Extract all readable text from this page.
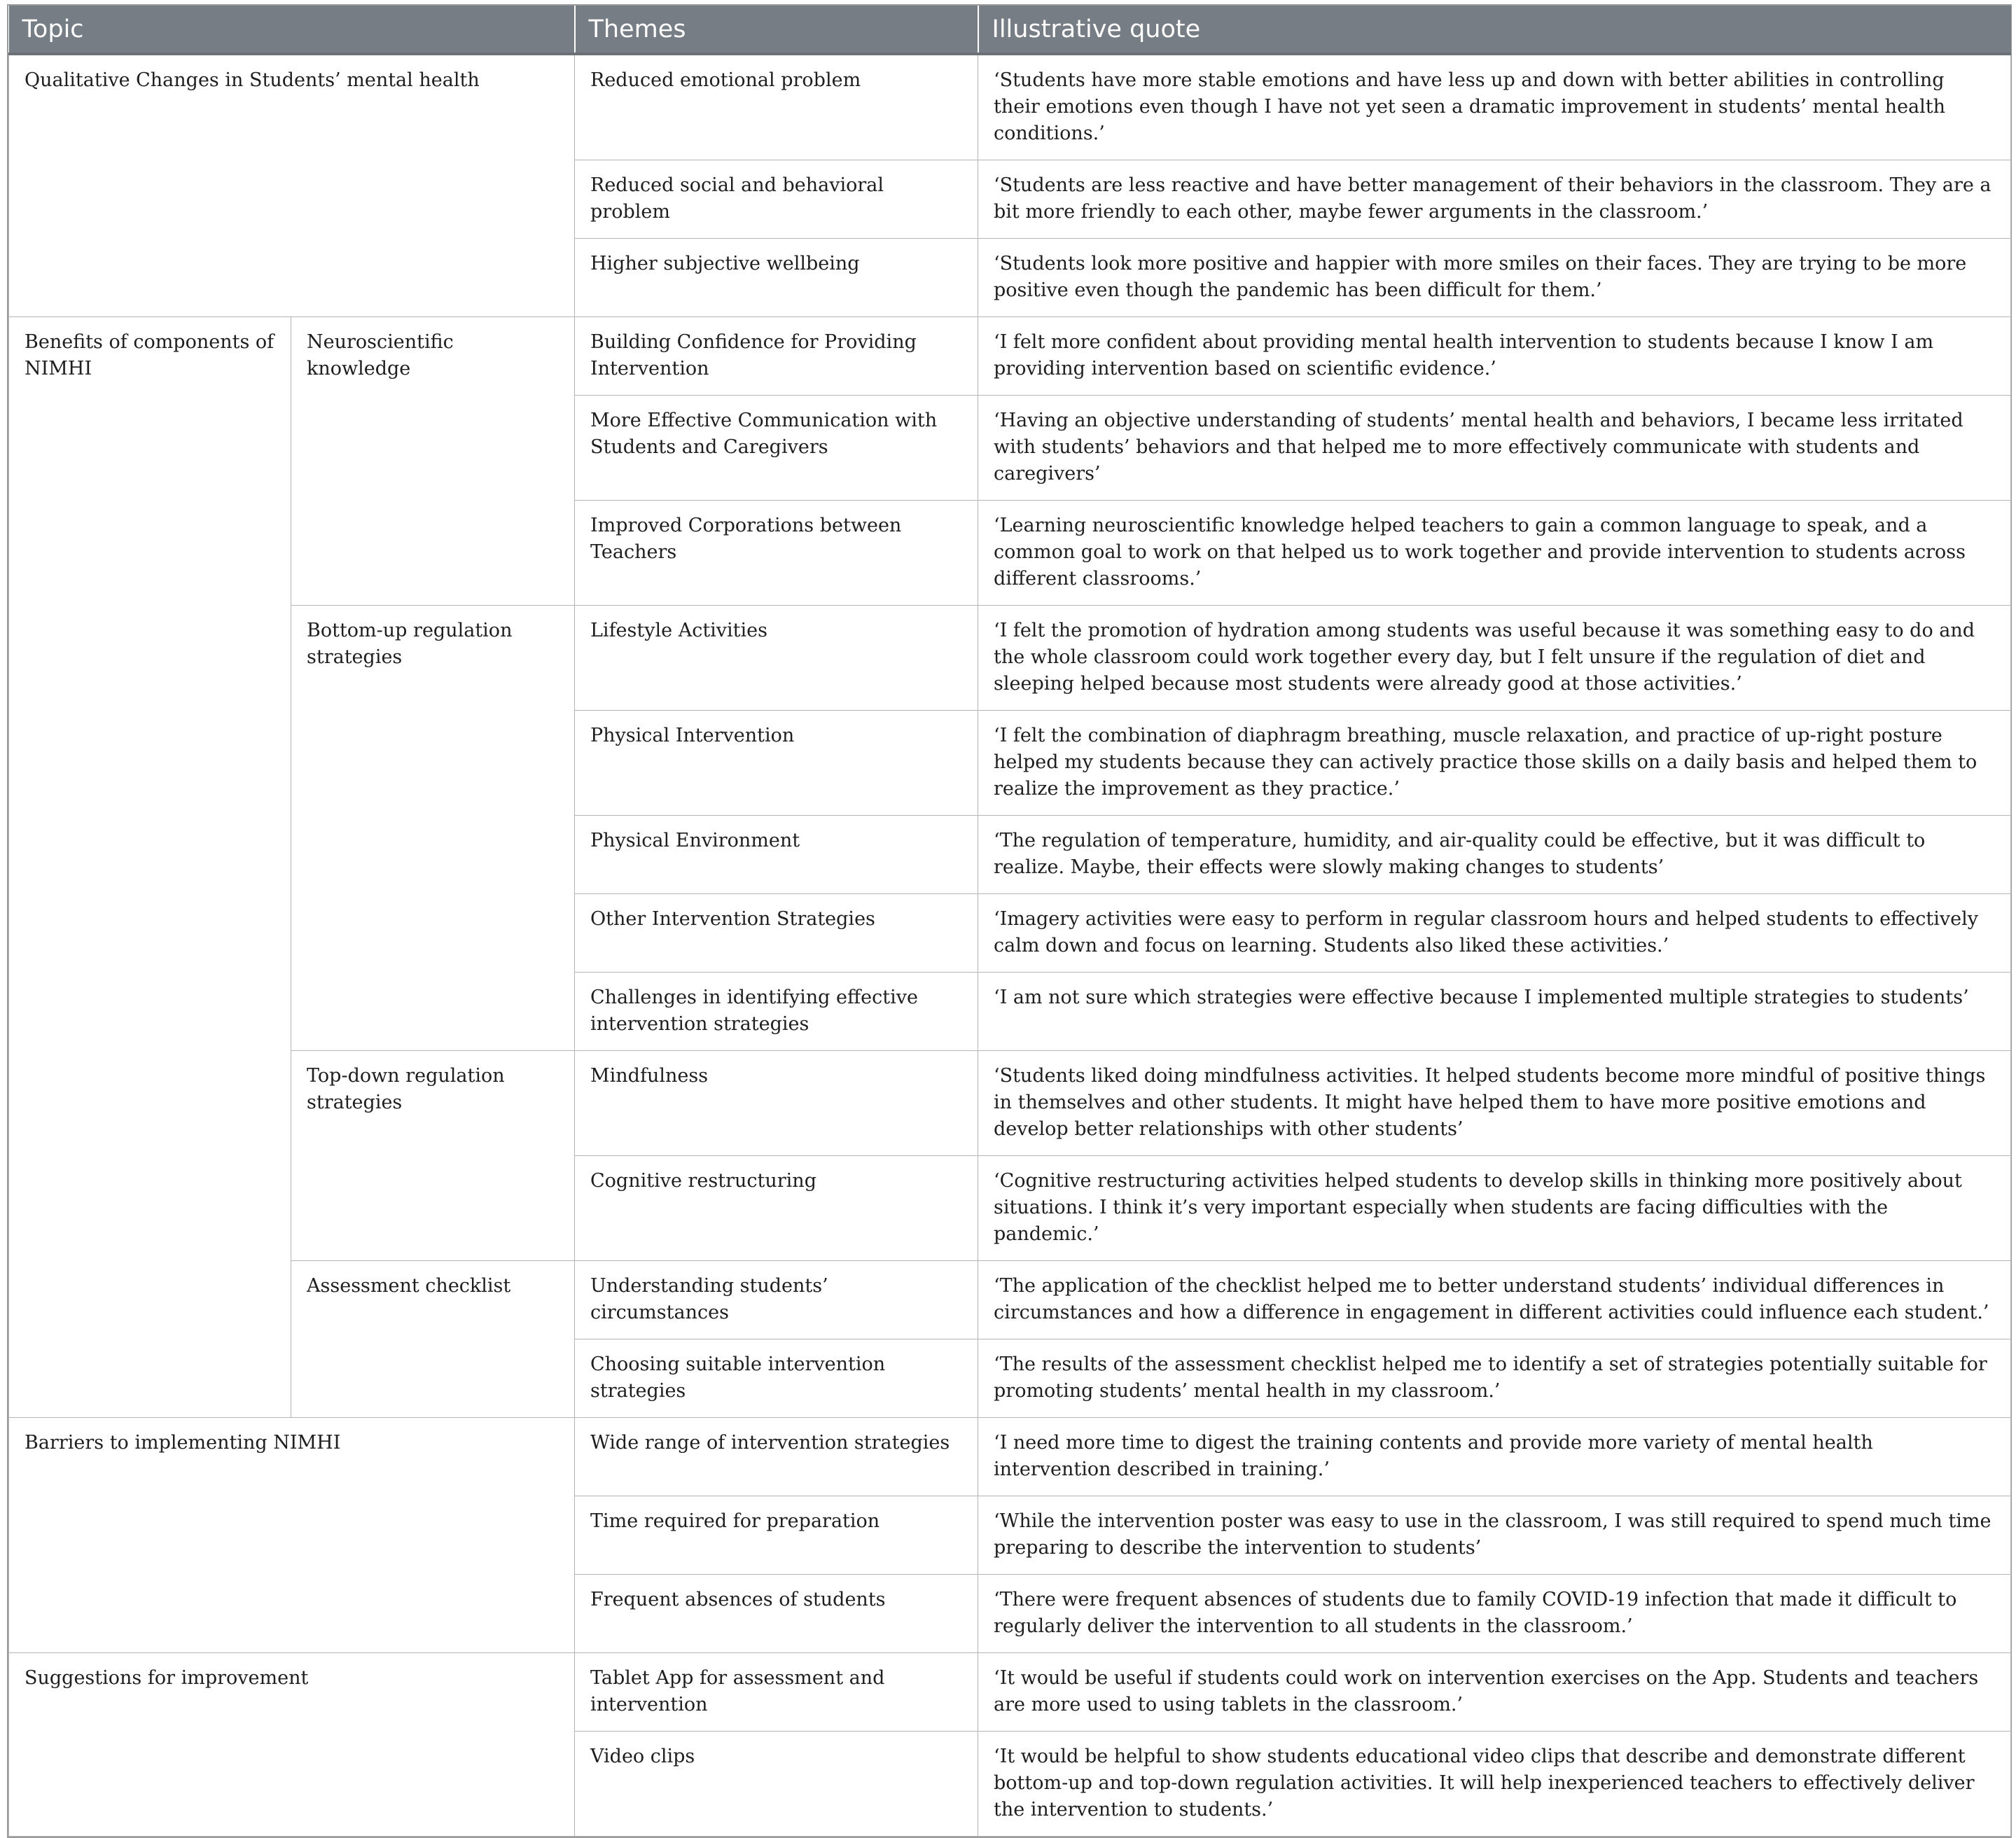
Topic		Themes	Illustrative quote
Qualitative Changes in Students’ mental health		Reduced emotional problem	‘Students have more stable emotions and have less up and down with better abilities in controlling their emotions even though I have not yet seen a dramatic improvement in students’ mental health conditions.’
		Reduced social and behavioral problem	‘Students are less reactive and have better management of their behaviors in the classroom. They are a bit more friendly to each other, maybe fewer arguments in the classroom.’
		Higher subjective wellbeing	‘Students look more positive and happier with more smiles on their faces. They are trying to be more positive even though the pandemic has been difficult for them.’
Benefits of components of NIMHI	Neuroscientific knowledge	Building Confidence for Providing Intervention	‘I felt more confident about providing mental health intervention to students because I know I am providing intervention based on scientific evidence.’
		More Effective Communication with Students and Caregivers	‘Having an objective understanding of students’ mental health and behaviors, I became less irritated with students’ behaviors and that helped me to more effectively communicate with students and caregivers’
		Improved Corporations between Teachers	‘Learning neuroscientific knowledge helped teachers to gain a common language to speak, and a common goal to work on that helped us to work together and provide intervention to students across different classrooms.’
	Bottom-up regulation strategies	Lifestyle Activities	‘I felt the promotion of hydration among students was useful because it was something easy to do and the whole classroom could work together every day, but I felt unsure if the regulation of diet and sleeping helped because most students were already good at those activities.’
		Physical Intervention	‘I felt the combination of diaphragm breathing, muscle relaxation, and practice of up-right posture helped my students because they can actively practice those skills on a daily basis and helped them to realize the improvement as they practice.’
		Physical Environment	‘The regulation of temperature, humidity, and air-quality could be effective, but it was difficult to realize. Maybe, their effects were slowly making changes to students’
		Other Intervention Strategies	‘Imagery activities were easy to perform in regular classroom hours and helped students to effectively calm down and focus on learning. Students also liked these activities.’
		Challenges in identifying effective intervention strategies	‘I am not sure which strategies were effective because I implemented multiple strategies to students’
	Top-down regulation strategies	Mindfulness	‘Students liked doing mindfulness activities. It helped students become more mindful of positive things in themselves and other students. It might have helped them to have more positive emotions and develop better relationships with other students’
		Cognitive restructuring	‘Cognitive restructuring activities helped students to develop skills in thinking more positively about situations. I think it’s very important especially when students are facing difficulties with the pandemic.’
	Assessment checklist	Understanding students’ circumstances	‘The application of the checklist helped me to better understand students’ individual differences in circumstances and how a difference in engagement in different activities could influence each student.’
		Choosing suitable intervention strategies	‘The results of the assessment checklist helped me to identify a set of strategies potentially suitable for promoting students’ mental health in my classroom.’
Barriers to implementing NIMHI		Wide range of intervention strategies	‘I need more time to digest the training contents and provide more variety of mental health intervention described in training.’
		Time required for preparation	‘While the intervention poster was easy to use in the classroom, I was still required to spend much time preparing to describe the intervention to students’
		Frequent absences of students	‘There were frequent absences of students due to family COVID-19 infection that made it difficult to regularly deliver the intervention to all students in the classroom.’
Suggestions for improvement		Tablet App for assessment and intervention	‘It would be useful if students could work on intervention exercises on the App. Students and teachers are more used to using tablets in the classroom.’
		Video clips	‘It would be helpful to show students educational video clips that describe and demonstrate different bottom-up and top-down regulation activities. It will help inexperienced teachers to effectively deliver the intervention to students.’
